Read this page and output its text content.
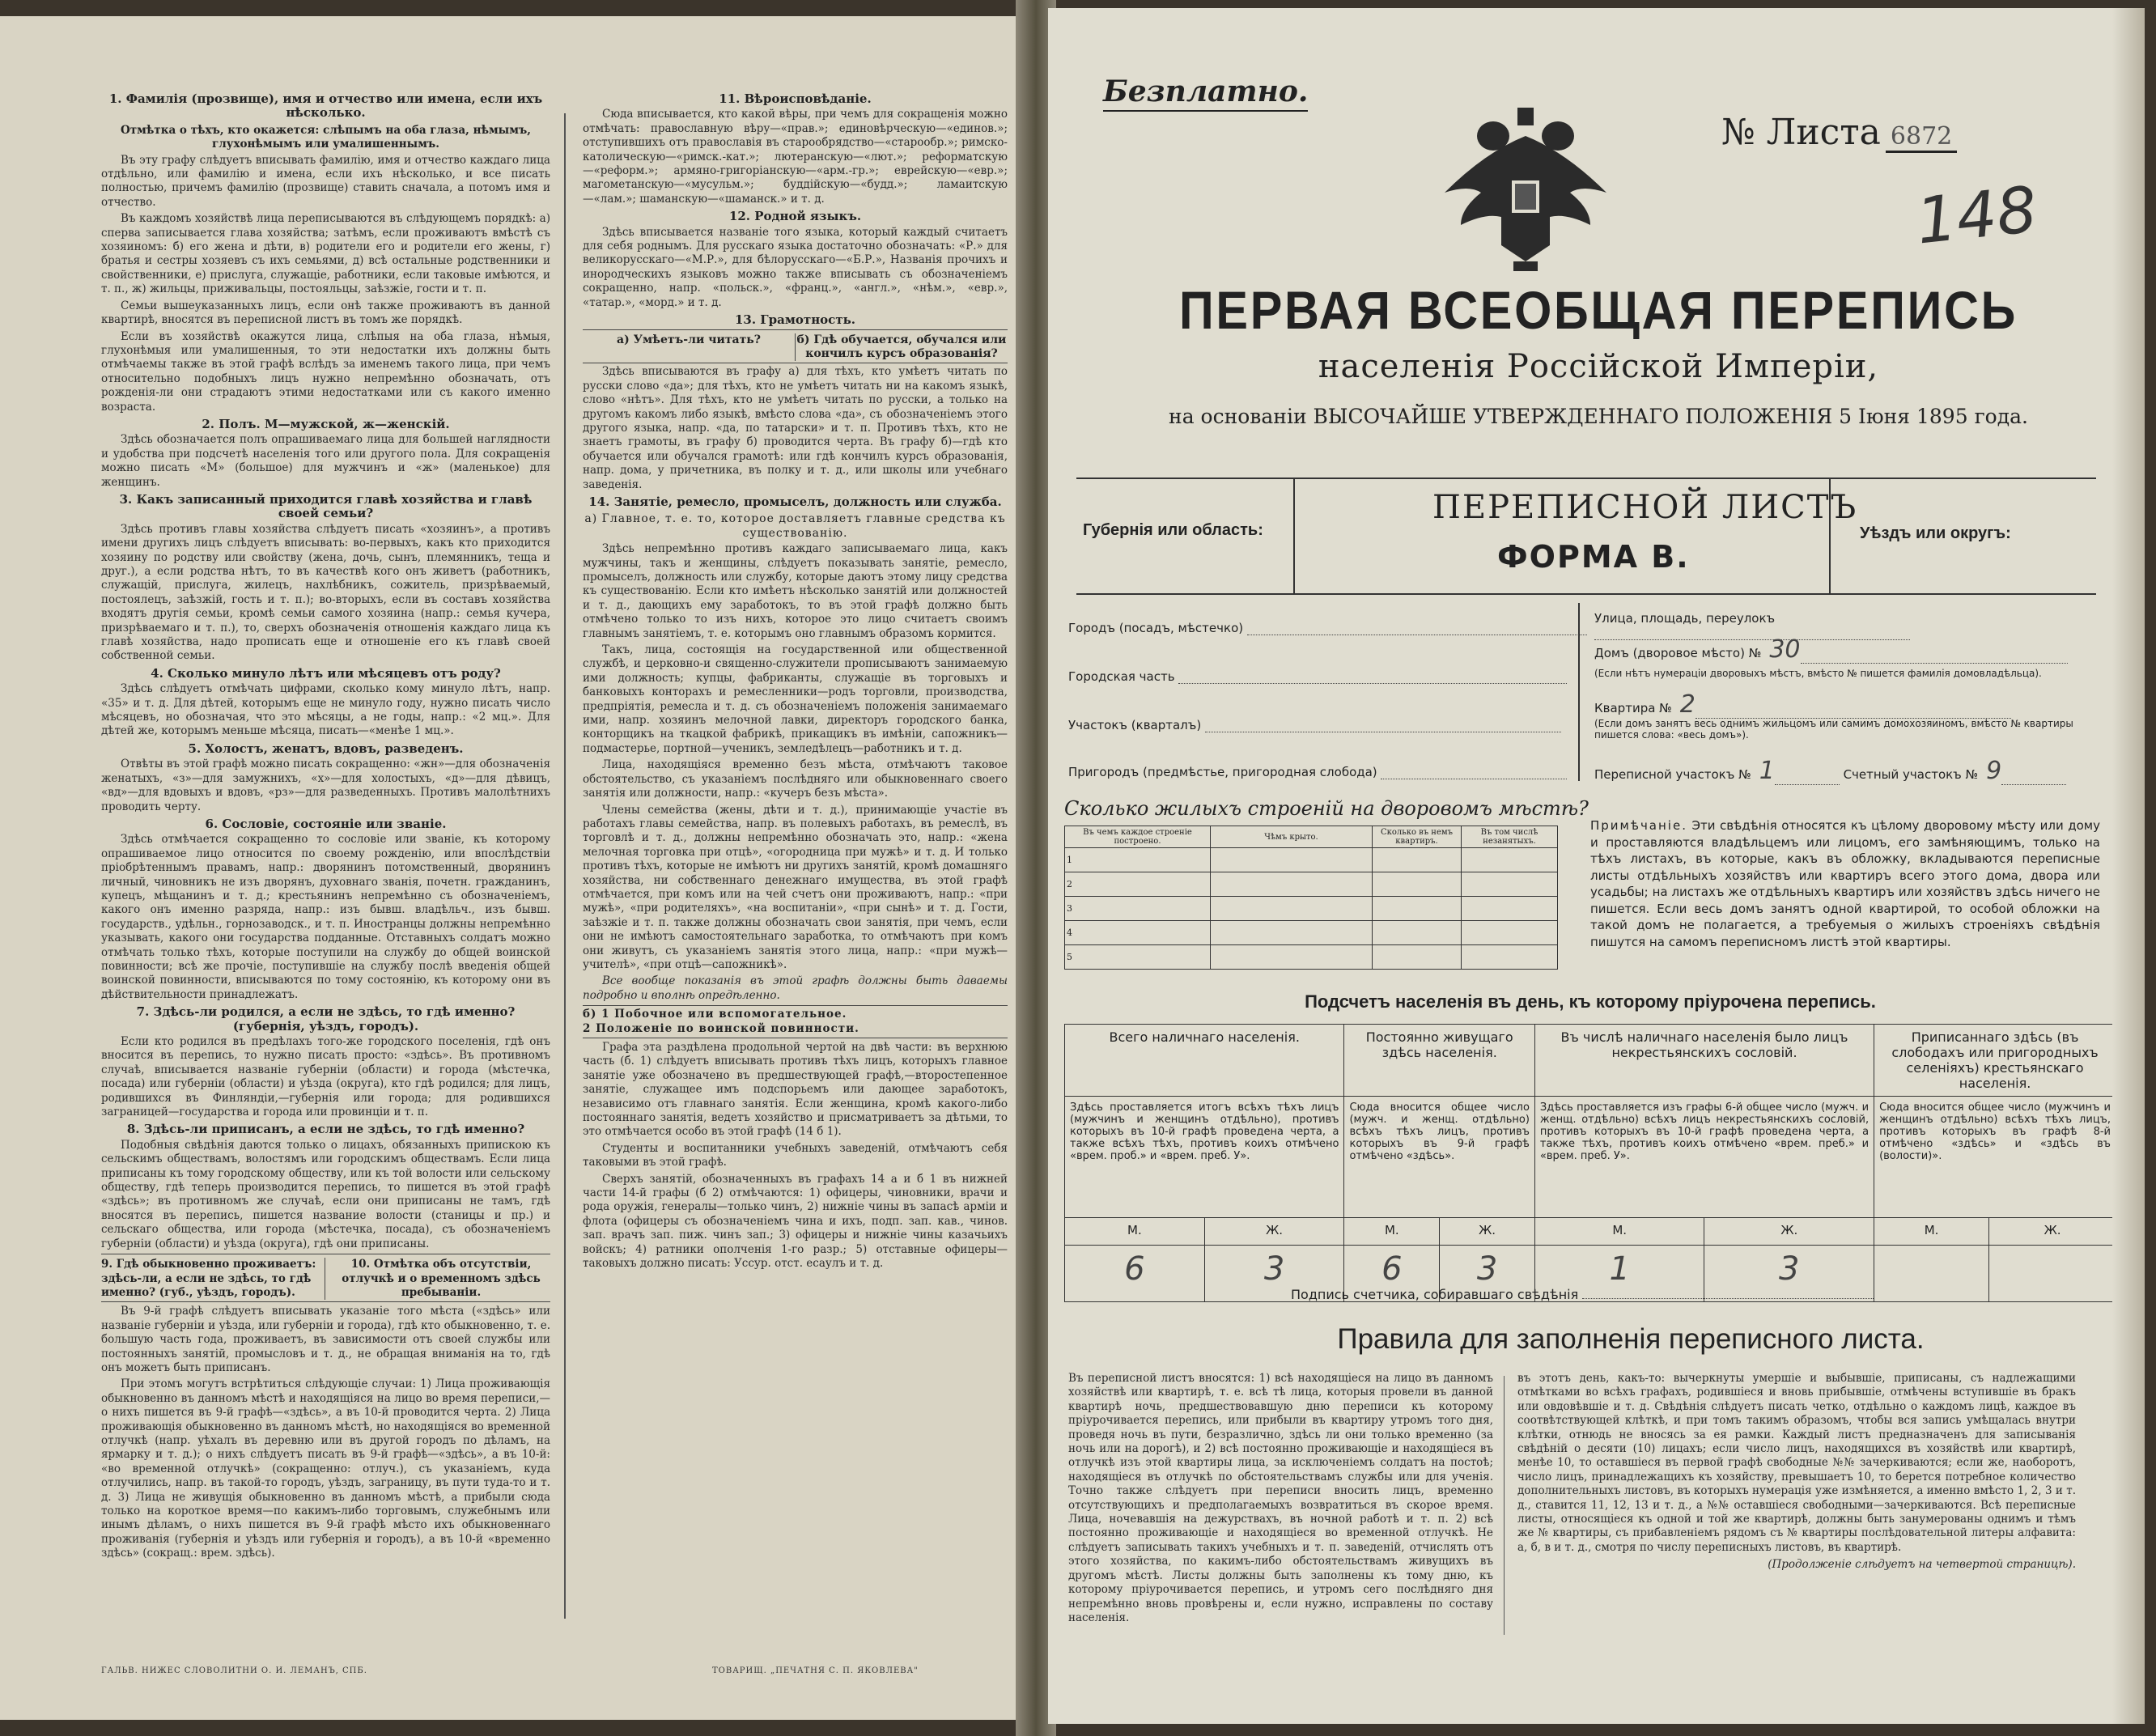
1. Фамилія (прозвище), имя и отчество или имена, если ихъ нѣсколько.
Отмѣтка о тѣхъ, кто окажется: слѣпымъ на оба глаза, нѣмымъ, глухонѣмымъ или умалишеннымъ.
Въ эту графу слѣдуетъ вписывать фамилію, имя и отчество каждаго лица отдѣльно, или фамилію и имена, если ихъ нѣсколько, и все писать полностью, причемъ фамилію (прозвище) ставить сначала, а потомъ имя и отчество.
Въ каждомъ хозяйствѣ лица переписываются въ слѣдующемъ порядкѣ: а) сперва записывается глава хозяйства; затѣмъ, если проживаютъ вмѣстѣ съ хозяиномъ: б) его жена и дѣти, в) родители его и родители его жены, г) братья и сестры хозяевъ съ ихъ семьями, д) всѣ остальные родственники и свойственники, е) прислуга, служащіе, работники, если таковые имѣются, и т. п., ж) жильцы, приживальцы, постояльцы, заѣзжіе, гости и т. п.
Семьи вышеуказанныхъ лицъ, если онѣ также проживаютъ въ данной квартирѣ, вносятся въ переписной листъ въ томъ же порядкѣ.
Если въ хозяйствѣ окажутся лица, слѣпыя на оба глаза, нѣмыя, глухонѣмыя или умалишенныя, то эти недостатки ихъ должны быть отмѣчаемы также въ этой графѣ вслѣдъ за именемъ такого лица, при чемъ относительно подобныхъ лицъ нужно непремѣнно обозначать, отъ рожденія-ли они страдаютъ этими недостатками или съ какого именно возраста.
2. Полъ. М—мужской, ж—женскій.
Здѣсь обозначается полъ опрашиваемаго лица для большей наглядности и удобства при подсчетѣ населенія того или другого пола. Для сокращенія можно писать «М» (большое) для мужчинъ и «ж» (маленькое) для женщинъ.
3. Какъ записанный приходится главѣ хозяйства и главѣ своей семьи?
Здѣсь противъ главы хозяйства слѣдуетъ писать «хозяинъ», а противъ имени другихъ лицъ слѣдуетъ вписывать: во-первыхъ, какъ кто приходится хозяину по родству или свойству (жена, дочь, сынъ, племянникъ, теща и друг.), а если родства нѣтъ, то въ качествѣ кого онъ живетъ (работникъ, служащій, прислуга, жилецъ, нахлѣбникъ, сожитель, призрѣваемый, постоялецъ, заѣзжій, гость и т. п.); во-вторыхъ, если въ составъ хозяйства входятъ другія семьи, кромѣ семьи самого хозяина (напр.: семья кучера, призрѣваемаго и т. п.), то, сверхъ обозначенія отношенія каждаго лица къ главѣ хозяйства, надо прописать еще и отношеніе его къ главѣ своей собственной семьи.
4. Сколько минуло лѣтъ или мѣсяцевъ отъ роду?
Здѣсь слѣдуетъ отмѣчать цифрами, сколько кому минуло лѣтъ, напр. «35» и т. д. Для дѣтей, которымъ еще не минуло году, нужно писать число мѣсяцевъ, но обозначая, что это мѣсяцы, а не годы, напр.: «2 мц.». Для дѣтей же, которымъ меньше мѣсяца, писать—«менѣе 1 мц.».
5. Холостъ, женатъ, вдовъ, разведенъ.
Отвѣты въ этой графѣ можно писать сокращенно: «жн»—для обозначенія женатыхъ, «з»—для замужнихъ, «х»—для холостыхъ, «д»—для дѣвицъ, «вд»—для вдовыхъ и вдовъ, «рз»—для разведенныхъ. Противъ малолѣтнихъ проводить черту.
6. Сословіе, состояніе или званіе.
Здѣсь отмѣчается сокращенно то сословіе или званіе, къ которому опрашиваемое лицо относится по своему рожденію, или впослѣдствіи пріобрѣтеннымъ правамъ, напр.: дворянинъ потомственный, дворянинъ личный, чиновникъ не изъ дворянъ, духовнаго званія, почетн. гражданинъ, купецъ, мѣщанинъ и т. д.; крестьянинъ непремѣнно съ обозначеніемъ, какого онъ именно разряда, напр.: изъ бывш. владѣльч., изъ бывш. государств., удѣльн., горнозаводск., и т. п. Иностранцы должны непремѣнно указывать, какого они государства подданные. Отставныхъ солдатъ можно отмѣчать только тѣхъ, которые поступили на службу до общей воинской повинности; всѣ же прочіе, поступившіе на службу послѣ введенія общей воинской повинности, вписываются по тому состоянію, къ которому они въ дѣйствительности принадлежатъ.
7. Здѣсь-ли родился, а если не здѣсь, то гдѣ именно? (губернія, уѣздъ, городъ).
Если кто родился въ предѣлахъ того-же городского поселенія, гдѣ онъ вносится въ перепись, то нужно писать просто: «здѣсь». Въ противномъ случаѣ, вписывается названіе губерніи (области) и города (мѣстечка, посада) или губерніи (области) и уѣзда (округа), кто гдѣ родился; для лицъ, родившихся въ Финляндіи,—губернія или города; для родившихся заграницей—государства и города или провинціи и т. п.
8. Здѣсь-ли приписанъ, а если не здѣсь, то гдѣ именно?
Подобныя свѣдѣнія даются только о лицахъ, обязанныхъ припискою къ сельскимъ обществамъ, волостямъ или городскимъ обществамъ. Если лица приписаны къ тому городскому обществу, или къ той волости или сельскому обществу, гдѣ теперь производится перепись, то пишется въ этой графѣ «здѣсь»; въ противномъ же случаѣ, если они приписаны не тамъ, гдѣ вносятся въ перепись, пишется название волости (станицы и пр.) и сельскаго общества, или города (мѣстечка, посада), съ обозначеніемъ губерніи (области) и уѣзда (округа), гдѣ они приписаны.
9. Гдѣ обыкновенно проживаетъ: здѣсь-ли, а если не здѣсь, то гдѣ именно? (губ., уѣздъ, городъ).
10. Отмѣтка объ отсутствіи, отлучкѣ и о временномъ здѣсь пребываніи.
Въ 9-й графѣ слѣдуетъ вписывать указаніе того мѣста («здѣсь» или названіе губерніи и уѣзда, или губерніи и города), гдѣ кто обыкновенно, т. е. большую часть года, проживаетъ, въ зависимости отъ своей службы или постоянныхъ занятій, промысловъ и т. д., не обращая вниманія на то, гдѣ онъ можетъ быть приписанъ.
При этомъ могутъ встрѣтиться слѣдующіе случаи: 1) Лица проживающія обыкновенно въ данномъ мѣстѣ и находящіяся на лицо во время переписи,—о нихъ пишется въ 9-й графѣ—«здѣсь», а въ 10-й проводится черта. 2) Лица проживающія обыкновенно въ данномъ мѣстѣ, но находящіяся во временной отлучкѣ (напр. уѣхалъ въ деревню или въ другой городъ по дѣламъ, на ярмарку и т. д.); о нихъ слѣдуетъ писать въ 9-й графѣ—«здѣсь», а въ 10-й: «во временной отлучкѣ» (сокращенно: отлуч.), съ указаніемъ, куда отлучились, напр. въ такой-то городъ, уѣздъ, заграницу, въ пути туда-то и т. д. 3) Лица не живущія обыкновенно въ данномъ мѣстѣ, а прибыли сюда только на короткое время—по какимъ-либо торговымъ, служебнымъ или инымъ дѣламъ, о нихъ пишется въ 9-й графѣ мѣсто ихъ обыкновеннаго проживанія (губернія и уѣздъ или губернія и городъ), а въ 10-й «временно здѣсь» (сокращ.: врем. здѣсь).
11. Вѣроисповѣданіе.
Сюда вписывается, кто какой вѣры, при чемъ для сокращенія можно отмѣчать: православную вѣру—«прав.»; единовѣрческую—«единов.»; отступившихъ отъ православія въ старообрядство—«старообр.»; римско-католическую—«римск.-кат.»; лютеранскую—«лют.»; реформатскую—«реформ.»; армяно-григоріанскую—«арм.-гр.»; еврейскую—«евр.»; магометанскую—«мусульм.»; буддійскую—«будд.»; ламаитскую—«лам.»; шаманскую—«шаманск.» и т. д.
12. Родной языкъ.
Здѣсь вписывается названіе того языка, который каждый считаетъ для себя роднымъ. Для русскаго языка достаточно обозначать: «Р.» для великорусскаго—«М.Р.», для бѣлорусскаго—«Б.Р.», Названія прочихъ и инородческихъ языковъ можно также вписывать съ обозначеніемъ сокращенно, напр. «польск.», «франц.», «англ.», «нѣм.», «евр.», «татар.», «морд.» и т. д.
13. Грамотность.
а) Умѣетъ-ли читать?	б) Гдѣ обучается, обучался или кончилъ курсъ образованія?
Здѣсь вписываются въ графу а) для тѣхъ, кто умѣетъ читать по русски слово «да»; для тѣхъ, кто не умѣетъ читать ни на какомъ языкѣ, слово «нѣтъ». Для тѣхъ, кто не умѣетъ читать по русски, а только на другомъ какомъ либо языкѣ, вмѣсто слова «да», съ обозначеніемъ этого другого языка, напр. «да, по татарски» и т. п. Противъ тѣхъ, кто не знаетъ грамоты, въ графу б) проводится черта. Въ графу б)—гдѣ кто обучается или обучался грамотѣ: или гдѣ кончилъ курсъ образованія, напр. дома, у причетника, въ полку и т. д., или школы или учебнаго заведенія.
14. Занятіе, ремесло, промыселъ, должность или служба.
а) Главное, т. е. то, которое доставляетъ главные средства къ существованію.
Здѣсь непремѣнно противъ каждаго записываемаго лица, какъ мужчины, такъ и женщины, слѣдуетъ показывать занятіе, ремесло, промыселъ, должность или службу, которые даютъ этому лицу средства къ существованію. Если кто имѣетъ нѣсколько занятій или должностей и т. д., дающихъ ему заработокъ, то въ этой графѣ должно быть отмѣчено только то изъ нихъ, которое это лицо считаетъ своимъ главнымъ занятіемъ, т. е. которымъ оно главнымъ образомъ кормится.
Такъ, лица, состоящія на государственной или общественной службѣ, и церковно-и священно-служители прописываютъ занимаемую ими должность; купцы, фабриканты, служащіе въ торговыхъ и банковыхъ конторахъ и ремесленники—родъ торговли, производства, предпріятія, ремесла и т. д. съ обозначеніемъ положенія занимаемаго ими, напр. хозяинъ мелочной лавки, директоръ городского банка, конторщикъ на ткацкой фабрикѣ, прикащикъ въ имѣніи, сапожникъ—подмастерье, портной—ученикъ, земледѣлецъ—работникъ и т. д.
Лица, находящіяся временно безъ мѣста, отмѣчаютъ таковое обстоятельство, съ указаніемъ послѣдняго или обыкновеннаго своего занятія или должности, напр.: «кучеръ безъ мѣста».
Члены семейства (жены, дѣти и т. д.), принимающіе участіе въ работахъ главы семейства, напр. въ полевыхъ работахъ, въ ремеслѣ, въ торговлѣ и т. д., должны непремѣнно обозначать это, напр.: «жена мелочная торговка при отцѣ», «огородница при мужѣ» и т. д. И только противъ тѣхъ, которые не имѣютъ ни другихъ занятій, кромѣ домашняго хозяйства, ни собственнаго денежнаго имущества, въ этой графѣ отмѣчается, при комъ или на чей счетъ они проживаютъ, напр.: «при мужѣ», «при родителяхъ», «на воспитаніи», «при сынѣ» и т. д. Гости, заѣзжіе и т. п. также должны обозначать свои занятія, при чемъ, если они не имѣютъ самостоятельнаго заработка, то отмѣчаютъ при комъ они живутъ, съ указаніемъ занятія этого лица, напр.: «при мужѣ—учителѣ», «при отцѣ—сапожникѣ».
Все вообще показанія въ этой графѣ должны быть даваемы подробно и вполнѣ опредѣленно.
б) 1 Побочное или вспомогательное.
2 Положеніе по воинской повинности.
Графа эта раздѣлена продольной чертой на двѣ части: въ верхнюю часть (б. 1) слѣдуетъ вписывать противъ тѣхъ лицъ, которыхъ главное занятіе уже обозначено въ предшествующей графѣ,—второстепенное занятіе, служащее имъ подспорьемъ или дающее заработокъ, независимо отъ главнаго занятія. Если женщина, кромѣ какого-либо постояннаго занятія, ведетъ хозяйство и присматриваетъ за дѣтьми, то это отмѣчается особо въ этой графѣ (14 б 1).
Студенты и воспитанники учебныхъ заведеній, отмѣчаютъ себя таковыми въ этой графѣ.
Сверхъ занятій, обозначенныхъ въ графахъ 14 а и б 1 въ нижней части 14-й графы (б 2) отмѣчаются: 1) офицеры, чиновники, врачи и рода оружія, генералы—только чинъ, 2) нижніе чины въ запасѣ арміи и флота (офицеры съ обозначеніемъ чина и ихъ, подп. зап. кав., чинов. зап. врачъ зап. пиж. чинъ зап.; 3) офицеры и нижніе чины казачьихъ войскъ; 4) ратники ополченія 1-го разр.; 5) отставные офицеры—таковыхъ должно писать: Уссур. отст. есаулъ и т. д.
ГАЛЬВ. НИЖЕС СЛОВОЛИТНИ О. И. ЛЕМАНЪ, СПБ.	ТОВАРИЩ. „ПЕЧАТНЯ С. П. ЯКОВЛЕВА"
Безплатно.
№ Листа 6872
148
ПЕРВАЯ ВСЕОБЩАЯ ПЕРЕПИСЬ
населенія Россійской Имперіи,
на основаніи ВЫСОЧАЙШЕ УТВЕРЖДЕННАГО ПОЛОЖЕНІЯ 5 Іюня 1895 года.
Губернія или область:
ПЕРЕПИСНОЙ ЛИСТЪ
ФОРМА В.
Уѣздъ или округъ:
Городъ (посадъ, мѣстечко)
Городская часть
Участокъ (кварталъ)
Пригородъ (предмѣстье, пригородная слобода)
Улица, площадь, переулокъ
Домъ (дворовое мѣсто) № 30
(Если нѣтъ нумераціи дворовыхъ мѣстъ, вмѣсто № пишется фамилія домовладѣльца).
Квартира № 2
(Если домъ занятъ весь однимъ жильцомъ или самимъ домохозяиномъ, вмѣсто № квартиры пишется слова: «весь домъ»).
Переписной участокъ № 1	Счетный участокъ № 9
Сколько жилыхъ строеній на дворовомъ мѣстѣ?
Въ чемъ каждое строеніе построено.	Чѣмъ крыто.	Сколько въ немъ квартиръ.	Въ том числѣ незанятыхъ.
1			
2			
3			
4			
5			
Примѣчаніе. Эти свѣдѣнія относятся къ цѣлому дворовому мѣсту или дому и проставляются владѣльцемъ или лицомъ, его замѣняющимъ, только на тѣхъ листахъ, въ которые, какъ въ обложку, вкладываются переписные листы отдѣльныхъ хозяйствъ или квартиръ всего этого дома, двора или усадьбы; на листахъ же отдѣльныхъ квартиръ или хозяйствъ здѣсь ничего не пишется. Если весь домъ занятъ одной квартирой, то особой обложки на такой домъ не полагается, а требуемыя о жилыхъ строеніяхъ свѣдѣнія пишутся на самомъ переписномъ листѣ этой квартиры.
Подсчетъ населенія въ день, къ которому пріурочена перепись.
Всего наличнаго населенія.		Постоянно живущаго здѣсь населенія.		Въ числѣ наличнаго населенія было лицъ некрестьянскихъ сословій.		Приписаннаго здѣсь (въ слободахъ или пригородныхъ селеніяхъ) крестьянскаго населенія.	
Здѣсь проставляется итогъ всѣхъ тѣхъ лицъ (мужчинъ и женщинъ отдѣльно), противъ которыхъ въ 10-й графѣ проведена черта, а также всѣхъ тѣхъ, противъ коихъ отмѣчено «врем. проб.» и «врем. преб. У».		Сюда вносится общее число (мужч. и женщ. отдѣльно) всѣхъ тѣхъ лицъ, противъ которыхъ въ 9-й графѣ отмѣчено «здѣсь».		Здѣсь проставляется изъ графы 6-й общее число (мужч. и женщ. отдѣльно) всѣхъ лицъ некрестьянскихъ сословій, противъ которыхъ въ 10-й графѣ проведена черта, а также тѣхъ, противъ коихъ отмѣчено «врем. преб.» и «врем. преб. У».		Сюда вносится общее число (мужчинъ и женщинъ отдѣльно) всѣхъ тѣхъ лицъ, противъ которыхъ въ графѣ 8-й отмѣчено «здѣсь» и «здѣсь въ (волости)».	
М.	Ж.	М.	Ж.	М.	Ж.	М.	Ж.
6	3	6	3	1	3		
Подпись счетчика, собиравшаго свѣдѣнія
Правила для заполненія переписного листа.
Въ переписной листъ вносятся: 1) всѣ находящіеся на лицо въ данномъ хозяйствѣ или квартирѣ, т. е. всѣ тѣ лица, которыя провели въ данной квартирѣ ночь, предшествовавшую дню переписи къ которому пріурочивается перепись, или прибыли въ квартиру утромъ того дня, проведя ночь въ пути, безразлично, здѣсь ли они только временно (за ночь или на дорогѣ), и 2) всѣ постоянно проживающіе и находящіеся въ отлучкѣ изъ этой квартиры лица, за исключеніемъ солдатъ на постоѣ; находящіеся въ отлучкѣ по обстоятельствамъ службы или для ученія. Точно также слѣдуетъ при переписи вносить лицъ, временно отсутствующихъ и предполагаемыхъ возвратиться въ скорое время. Лица, ночевавшія на дежурствахъ, въ ночной работѣ и т. п. 2) всѣ постоянно проживающіе и находящіеся во временной отлучкѣ. Не слѣдуетъ записывать такихъ учебныхъ и т. п. заведеній, отчислять отъ этого хозяйства, по какимъ-либо обстоятельствамъ живущихъ въ другомъ мѣстѣ. Листы должны быть заполнены къ тому дню, къ которому пріурочивается перепись, и утромъ сего послѣдняго дня непремѣнно вновь провѣрены и, если нужно, исправлены по составу населенія.
въ этотъ день, какъ-то: вычеркнуты умершіе и выбывшіе, приписаны, съ надлежащими отмѣтками во всѣхъ графахъ, родившіеся и вновь прибывшіе, отмѣчены вступившіе въ бракъ или овдовѣвшіе и т. д. Свѣдѣнія слѣдуетъ писать четко, отдѣльно о каждомъ лицѣ, каждое въ соотвѣтствующей клѣткѣ, и при томъ такимъ образомъ, чтобы вся запись умѣщалась внутри клѣтки, отнюдь не вносясь за ея рамки. Каждый листъ предназначенъ для записыванія свѣдѣній о десяти (10) лицахъ; если число лицъ, находящихся въ хозяйствѣ или квартирѣ, менѣе 10, то оставшіеся въ первой графѣ свободные №№ зачеркиваются; если же, наоборотъ, число лицъ, принадлежащихъ къ хозяйству, превышаетъ 10, то берется потребное количество дополнительныхъ листовъ, въ которыхъ нумерація уже измѣняется, а именно вмѣсто 1, 2, 3 и т. д., ставится 11, 12, 13 и т. д., а №№ оставшіеся свободными—зачеркиваются. Всѣ переписные листы, относящіеся къ одной и той же квартирѣ, должны быть занумерованы однимъ и тѣмъ же № квартиры, съ прибавленіемъ рядомъ съ № квартиры послѣдовательной литеры алфавита: а, б, в и т. д., смотря по числу переписныхъ листовъ, въ квартирѣ.
(Продолженіе слѣдуетъ на четвертой страницѣ).
